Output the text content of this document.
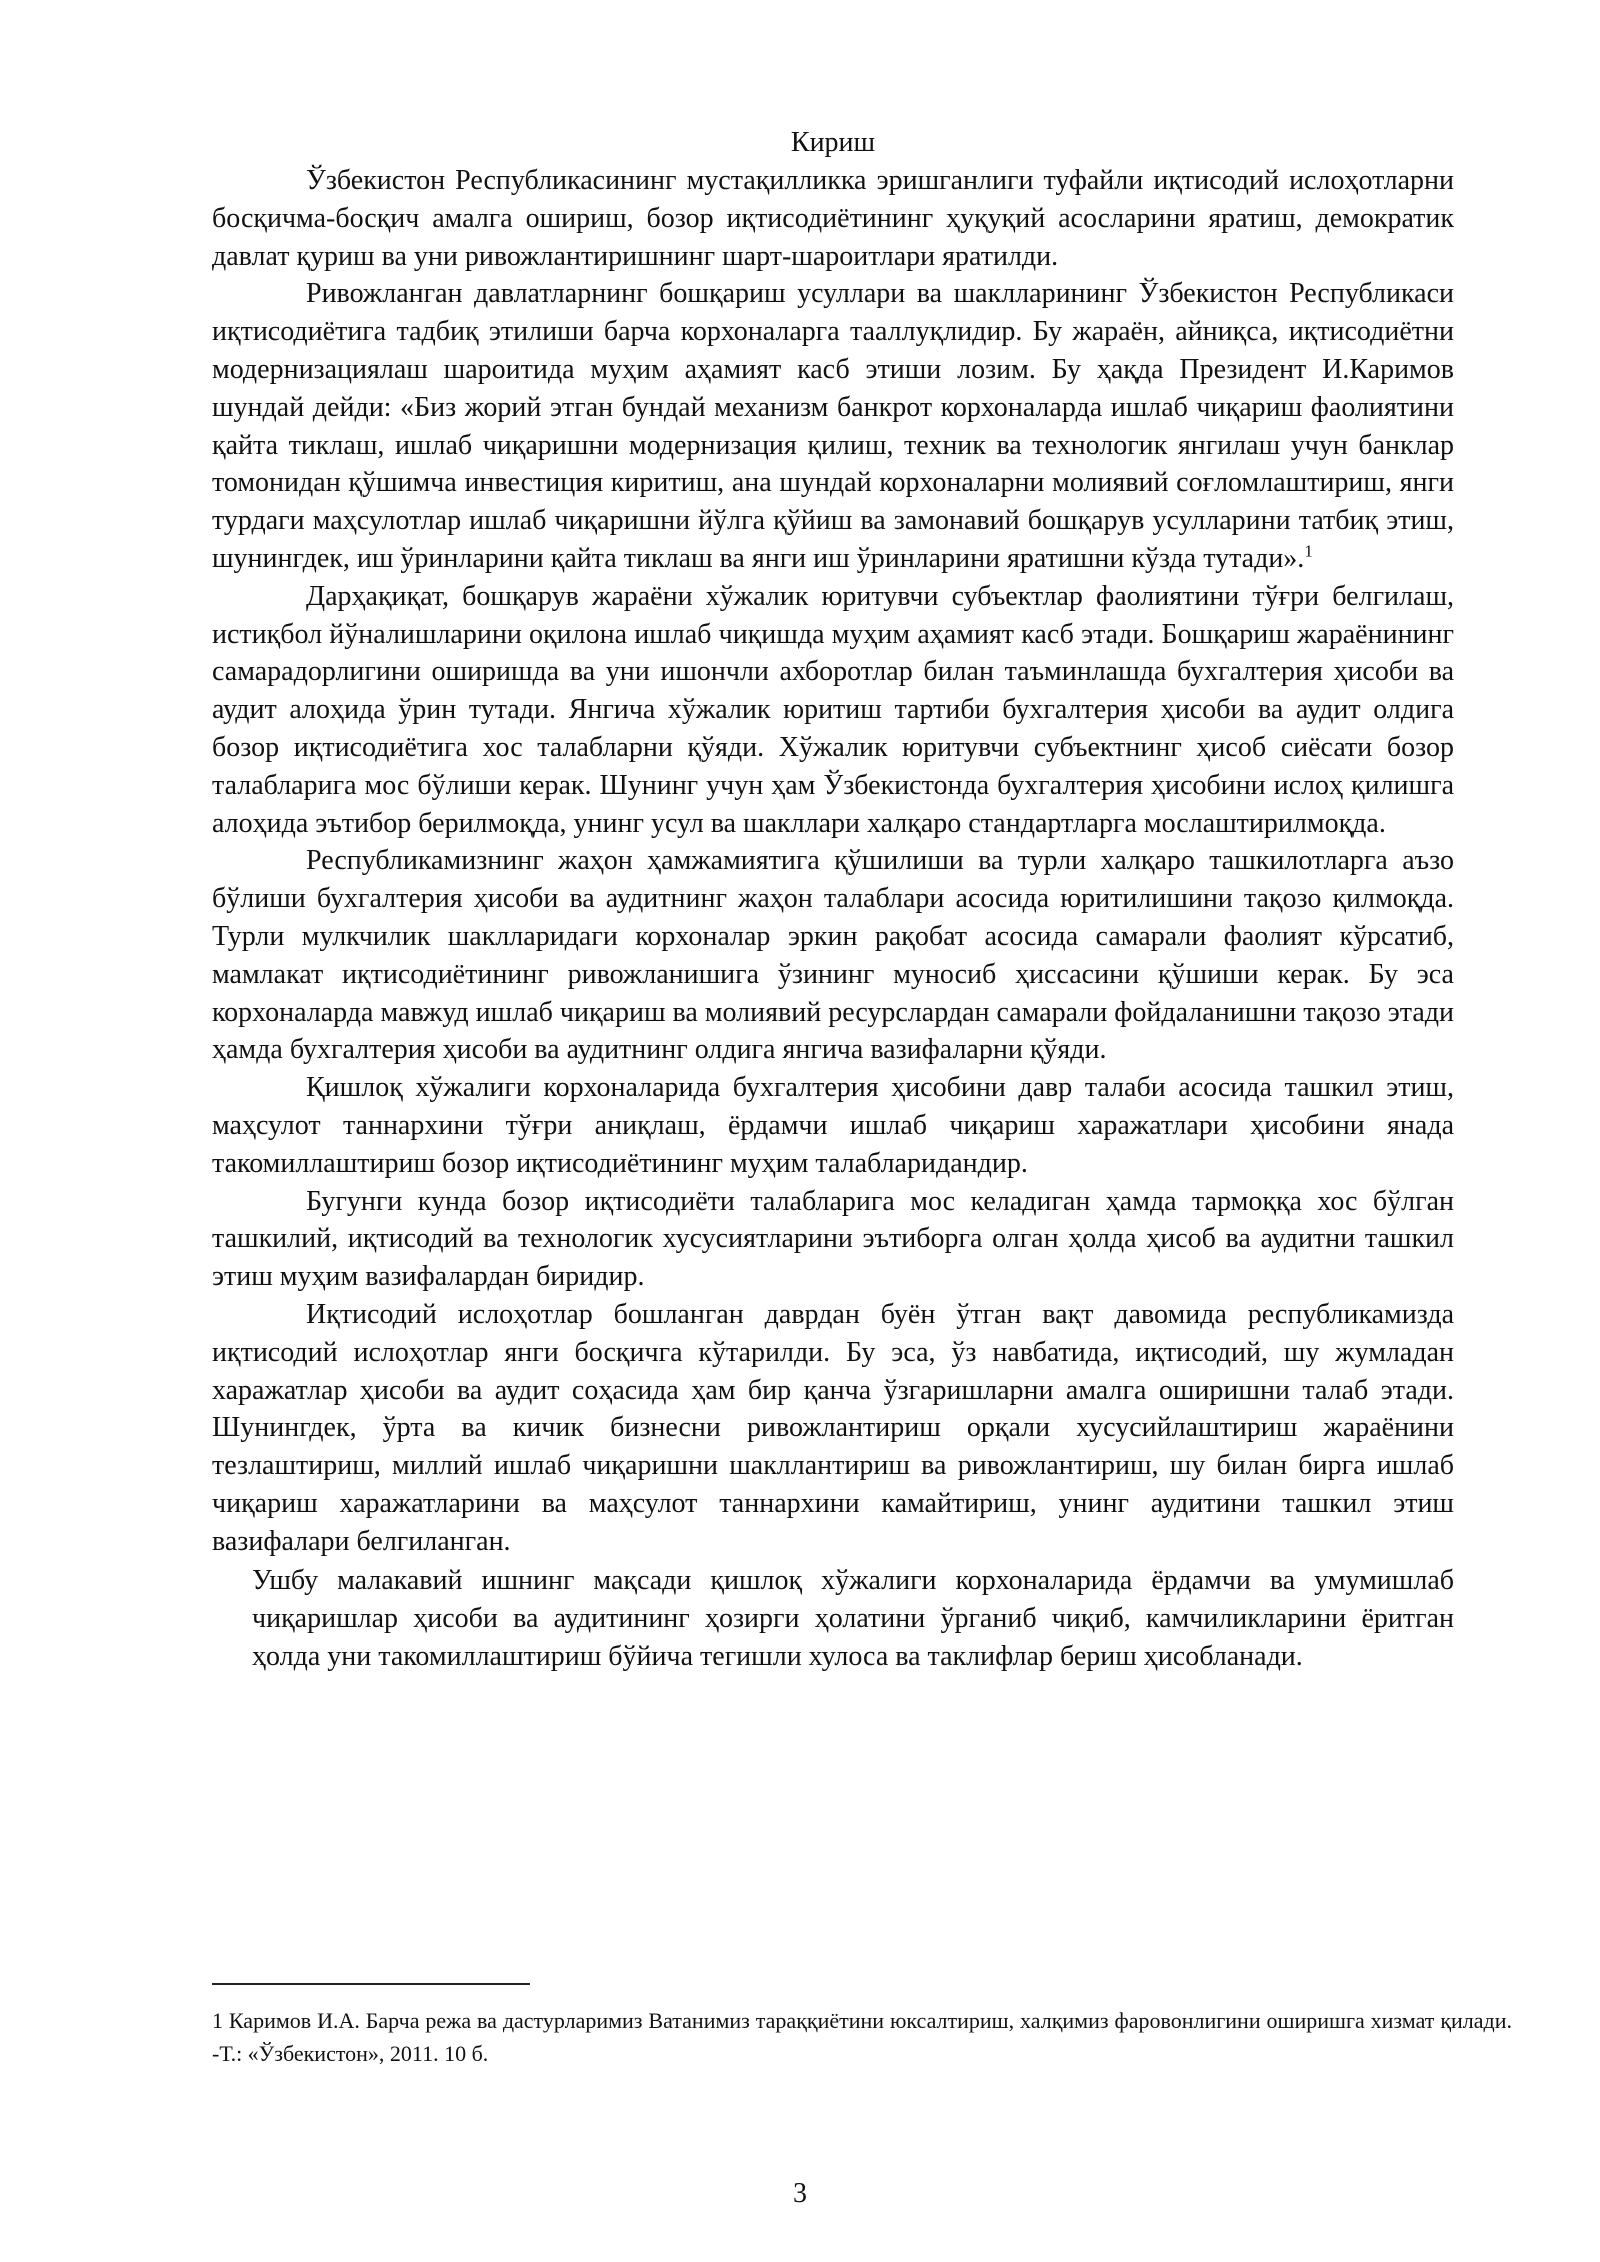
Кириш

Ўзбекистон Республикасининг мустақилликка эришганлиги туфайли иқтисодий ислоҳотларни босқичма-босқич амалга ошириш, бозор иқтисодиётининг ҳуқуқий асосларини яратиш, демократик давлат қуриш ва уни ривожлантиришнинг шарт-шароитлари яратилди.

Ривожланган давлатларнинг бошқариш усуллари ва шаклларининг Ўзбекистон Республикаси иқтисодиётига тадбиқ этилиши барча корхоналарга тааллуқлидир. Бу жараён, айниқса, иқтисодиётни модернизациялаш шароитида муҳим аҳамият касб этиши лозим. Бу ҳақда Президент И.Каримов шундай дейди: «Биз жорий этган бундай механизм банкрот корхоналарда ишлаб чиқариш фаолиятини қайта тиклаш, ишлаб чиқаришни модернизация қилиш, техник ва технологик янгилаш учун банклар томонидан қўшимча инвестиция киритиш, ана шундай корхоналарни молиявий соғломлаштириш, янги турдаги маҳсулотлар ишлаб чиқаришни йўлга қўйиш ва замонавий бошқарув усулларини татбиқ этиш, шунингдек, иш ўринларини қайта тиклаш ва янги иш ўринларини яратишни кўзда тутади».$^1$

Дарҳақиқат, бошқарув жараёни хўжалик юритувчи субъектлар фаолиятини тўғри белгилаш, истиқбол йўналишларини оқилона ишлаб чиқишда муҳим аҳамият касб этади. Бошқариш жараёнининг самарадорлигини оширишда ва уни ишончли ахборотлар билан таъминлашда бухгалтерия ҳисоби ва аудит алоҳида ўрин тутади. Янгича хўжалик юритиш тартиби бухгалтерия ҳисоби ва аудит олдига бозор иқтисодиётига хос талабларни қўяди. Хўжалик юритувчи субъектнинг ҳисоб сиёсати бозор талабларига мос бўлиши керак. Шунинг учун ҳам Ўзбекистонда бухгалтерия ҳисобини ислоҳ қилишга алоҳида эътибор берилмоқда, унинг усул ва шакллари халқаро стандартларга мослаштирилмоқда.

Республикамизнинг жаҳон ҳамжамиятига қўшилиши ва турли халқаро ташкилотларга аъзо бўлиши бухгалтерия ҳисоби ва аудитнинг жаҳон талаблари асосида юритилишини тақозо қилмоқда. Турли мулкчилик шаклларидаги корхоналар эркин рақобат асосида самарали фаолият кўрсатиб, мамлакат иқтисодиётининг ривожланишига ўзининг муносиб ҳиссасини қўшиши керак. Бу эса корхоналарда мавжуд ишлаб чиқариш ва молиявий ресурслардан самарали фойдаланишни тақозо этади ҳамда бухгалтерия ҳисоби ва аудитнинг олдига янгича вазифаларни қўяди.

Қишлоқ хўжалиги корхоналарида бухгалтерия ҳисобини давр талаби асосида ташкил этиш, маҳсулот таннархини тўғри аниқлаш, ёрдамчи ишлаб чиқариш харажатлари ҳисобини янада такомиллаштириш бозор иқтисодиётининг муҳим талабларидандир.

Бугунги кунда бозор иқтисодиёти талабларига мос келадиган ҳамда тармоққа хос бўлган ташкилий, иқтисодий ва технологик хусусиятларини эътиборга олган ҳолда ҳисоб ва аудитни ташкил этиш муҳим вазифалардан биридир.

Иқтисодий ислоҳотлар бошланган даврдан буён ўтган вақт давомида республикамизда иқтисодий ислоҳотлар янги босқичга кўтарилди. Бу эса, ўз навбатида, иқтисодий, шу жумладан харажатлар ҳисоби ва аудит соҳасида ҳам бир қанча ўзгаришларни амалга оширишни талаб этади. Шунингдек, ўрта ва кичик бизнесни ривожлантириш орқали хусусийлаштириш жараёнини тезлаштириш, миллий ишлаб чиқаришни шакллантириш ва ривожлантириш, шу билан бирга ишлаб чиқариш харажатларини ва маҳсулот таннархини камайтириш, унинг аудитини ташкил этиш вазифалари белгиланган.

Ушбу малакавий ишнинг мақсади қишлоқ хўжалиги корхоналарида ёрдамчи ва умумишлаб чиқаришлар ҳисоби ва аудитининг ҳозирги ҳолатини ўрганиб чиқиб, камчиликларини ёритган ҳолда уни такомиллаштириш бўйича тегишли хулоса ва таклифлар бериш ҳисобланади.

1 Каримов И.А. Барча режа ва дастурларимиз Ватанимиз тараққиётини юксалтириш, халқимиз фаровонлигини оширишга хизмат қилади. -Т.: «Ўзбекистон», 2011. 10 б.
3
